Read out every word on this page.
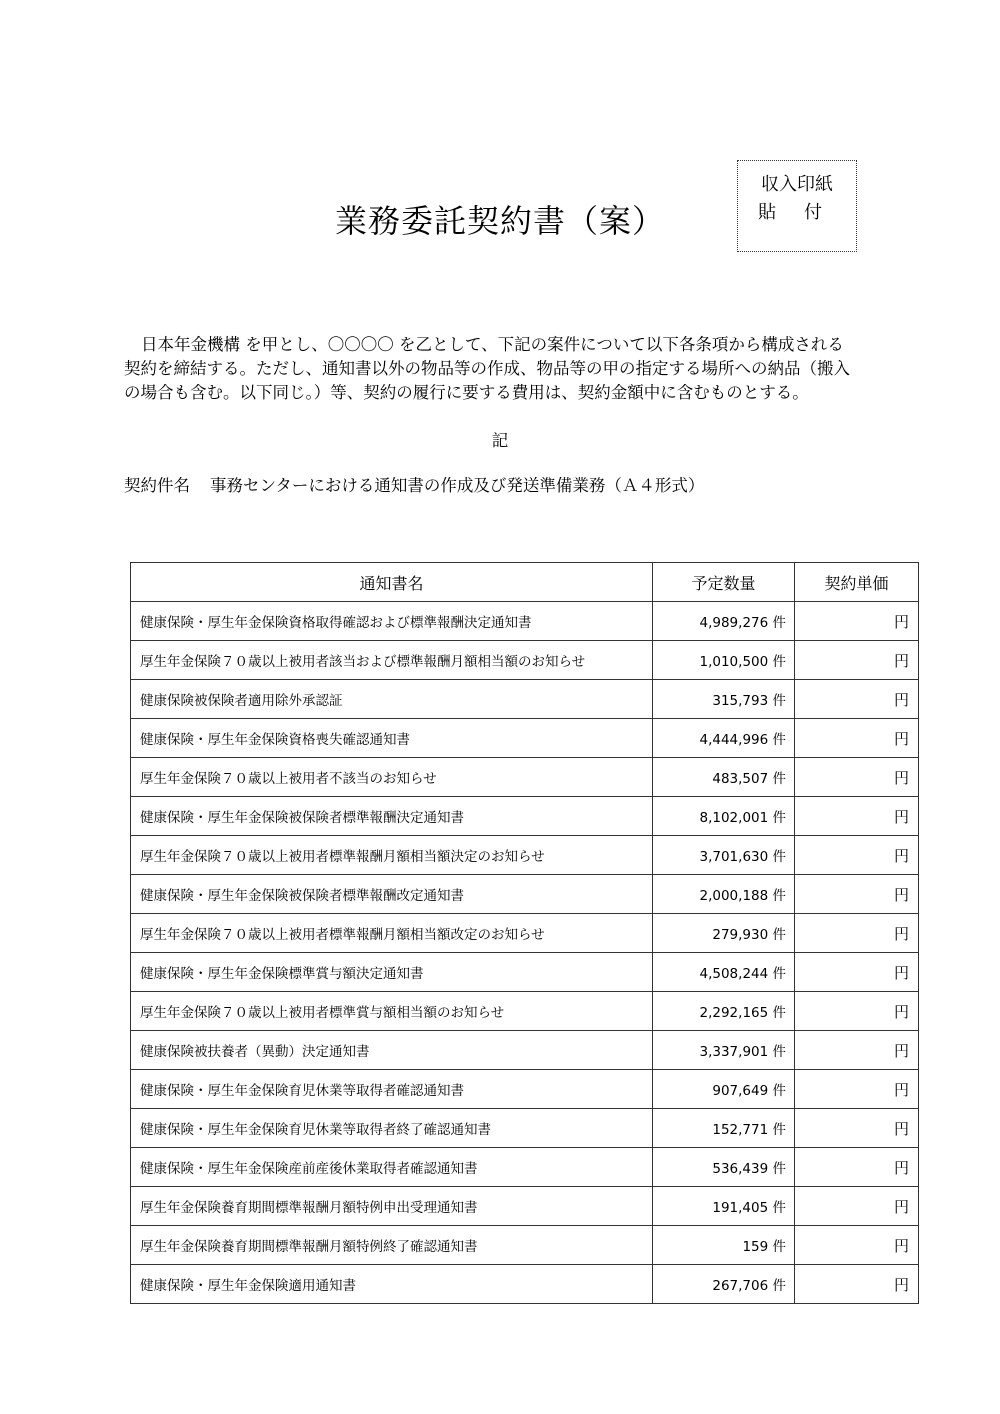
業務委託契約書（案）
収入印紙
貼付
日本年金機構 を甲とし、〇〇〇〇 を乙として、下記の案件について以下各条項から構成される
契約を締結する。ただし、通知書以外の物品等の作成、物品等の甲の指定する場所への納品（搬入
の場合も含む。以下同じ。）等、契約の履行に要する費用は、契約金額中に含むものとする。
記
契約件名 事務センターにおける通知書の作成及び発送準備業務（Ａ４形式）
通知書名	予定数量	契約単価
健康保険・厚生年金保険資格取得確認および標準報酬決定通知書	4,989,276 件	円
厚生年金保険７０歳以上被用者該当および標準報酬月額相当額のお知らせ	1,010,500 件	円
健康保険被保険者適用除外承認証	315,793 件	円
健康保険・厚生年金保険資格喪失確認通知書	4,444,996 件	円
厚生年金保険７０歳以上被用者不該当のお知らせ	483,507 件	円
健康保険・厚生年金保険被保険者標準報酬決定通知書	8,102,001 件	円
厚生年金保険７０歳以上被用者標準報酬月額相当額決定のお知らせ	3,701,630 件	円
健康保険・厚生年金保険被保険者標準報酬改定通知書	2,000,188 件	円
厚生年金保険７０歳以上被用者標準報酬月額相当額改定のお知らせ	279,930 件	円
健康保険・厚生年金保険標準賞与額決定通知書	4,508,244 件	円
厚生年金保険７０歳以上被用者標準賞与額相当額のお知らせ	2,292,165 件	円
健康保険被扶養者（異動）決定通知書	3,337,901 件	円
健康保険・厚生年金保険育児休業等取得者確認通知書	907,649 件	円
健康保険・厚生年金保険育児休業等取得者終了確認通知書	152,771 件	円
健康保険・厚生年金保険産前産後休業取得者確認通知書	536,439 件	円
厚生年金保険養育期間標準報酬月額特例申出受理通知書	191,405 件	円
厚生年金保険養育期間標準報酬月額特例終了確認通知書	159 件	円
健康保険・厚生年金保険適用通知書	267,706 件	円
